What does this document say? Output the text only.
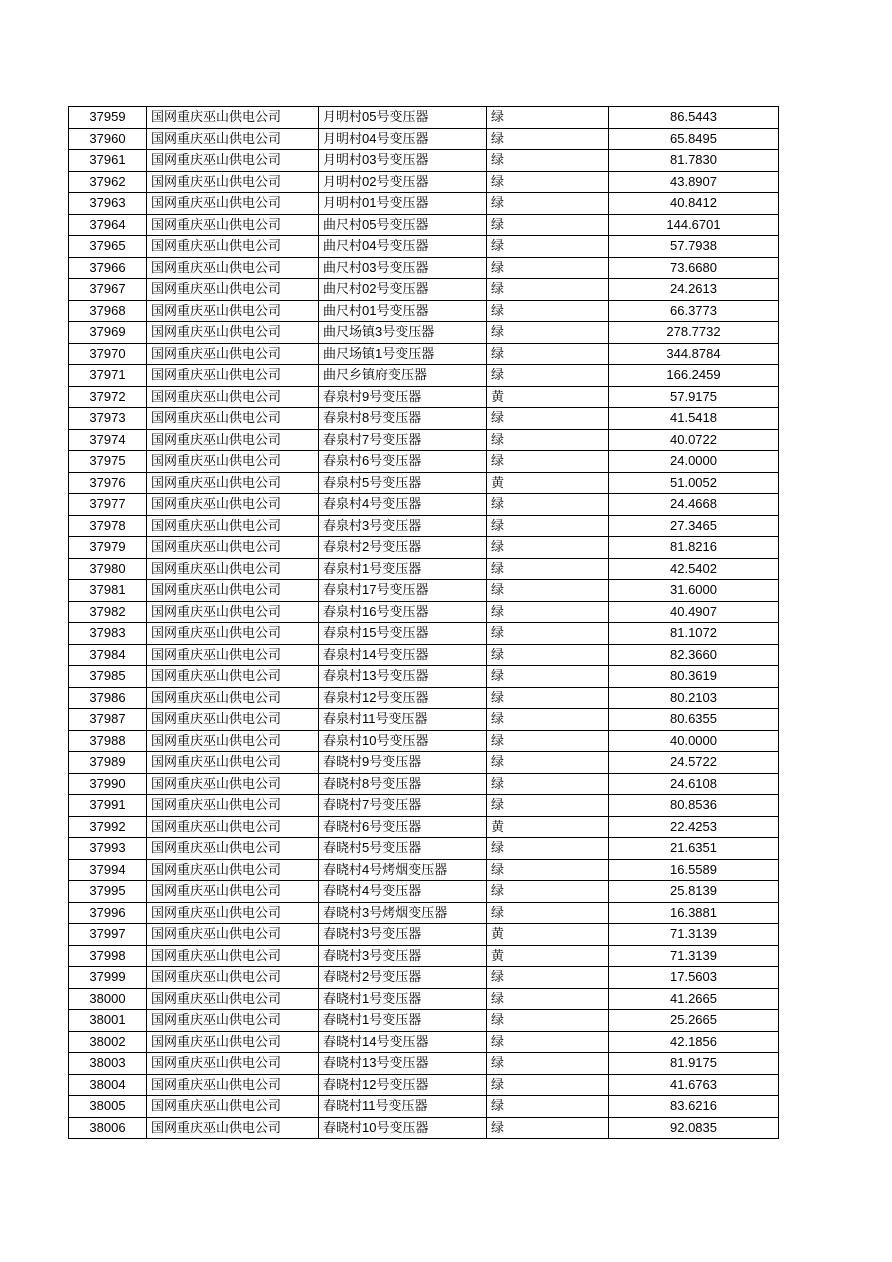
37959	国网重庆巫山供电公司	月明村05号变压器	绿	86.5443
37960	国网重庆巫山供电公司	月明村04号变压器	绿	65.8495
37961	国网重庆巫山供电公司	月明村03号变压器	绿	81.7830
37962	国网重庆巫山供电公司	月明村02号变压器	绿	43.8907
37963	国网重庆巫山供电公司	月明村01号变压器	绿	40.8412
37964	国网重庆巫山供电公司	曲尺村05号变压器	绿	144.6701
37965	国网重庆巫山供电公司	曲尺村04号变压器	绿	57.7938
37966	国网重庆巫山供电公司	曲尺村03号变压器	绿	73.6680
37967	国网重庆巫山供电公司	曲尺村02号变压器	绿	24.2613
37968	国网重庆巫山供电公司	曲尺村01号变压器	绿	66.3773
37969	国网重庆巫山供电公司	曲尺场镇3号变压器	绿	278.7732
37970	国网重庆巫山供电公司	曲尺场镇1号变压器	绿	344.8784
37971	国网重庆巫山供电公司	曲尺乡镇府变压器	绿	166.2459
37972	国网重庆巫山供电公司	春泉村9号变压器	黄	57.9175
37973	国网重庆巫山供电公司	春泉村8号变压器	绿	41.5418
37974	国网重庆巫山供电公司	春泉村7号变压器	绿	40.0722
37975	国网重庆巫山供电公司	春泉村6号变压器	绿	24.0000
37976	国网重庆巫山供电公司	春泉村5号变压器	黄	51.0052
37977	国网重庆巫山供电公司	春泉村4号变压器	绿	24.4668
37978	国网重庆巫山供电公司	春泉村3号变压器	绿	27.3465
37979	国网重庆巫山供电公司	春泉村2号变压器	绿	81.8216
37980	国网重庆巫山供电公司	春泉村1号变压器	绿	42.5402
37981	国网重庆巫山供电公司	春泉村17号变压器	绿	31.6000
37982	国网重庆巫山供电公司	春泉村16号变压器	绿	40.4907
37983	国网重庆巫山供电公司	春泉村15号变压器	绿	81.1072
37984	国网重庆巫山供电公司	春泉村14号变压器	绿	82.3660
37985	国网重庆巫山供电公司	春泉村13号变压器	绿	80.3619
37986	国网重庆巫山供电公司	春泉村12号变压器	绿	80.2103
37987	国网重庆巫山供电公司	春泉村11号变压器	绿	80.6355
37988	国网重庆巫山供电公司	春泉村10号变压器	绿	40.0000
37989	国网重庆巫山供电公司	春晓村9号变压器	绿	24.5722
37990	国网重庆巫山供电公司	春晓村8号变压器	绿	24.6108
37991	国网重庆巫山供电公司	春晓村7号变压器	绿	80.8536
37992	国网重庆巫山供电公司	春晓村6号变压器	黄	22.4253
37993	国网重庆巫山供电公司	春晓村5号变压器	绿	21.6351
37994	国网重庆巫山供电公司	春晓村4号烤烟变压器	绿	16.5589
37995	国网重庆巫山供电公司	春晓村4号变压器	绿	25.8139
37996	国网重庆巫山供电公司	春晓村3号烤烟变压器	绿	16.3881
37997	国网重庆巫山供电公司	春晓村3号变压器	黄	71.3139
37998	国网重庆巫山供电公司	春晓村3号变压器	黄	71.3139
37999	国网重庆巫山供电公司	春晓村2号变压器	绿	17.5603
38000	国网重庆巫山供电公司	春晓村1号变压器	绿	41.2665
38001	国网重庆巫山供电公司	春晓村1号变压器	绿	25.2665
38002	国网重庆巫山供电公司	春晓村14号变压器	绿	42.1856
38003	国网重庆巫山供电公司	春晓村13号变压器	绿	81.9175
38004	国网重庆巫山供电公司	春晓村12号变压器	绿	41.6763
38005	国网重庆巫山供电公司	春晓村11号变压器	绿	83.6216
38006	国网重庆巫山供电公司	春晓村10号变压器	绿	92.0835
